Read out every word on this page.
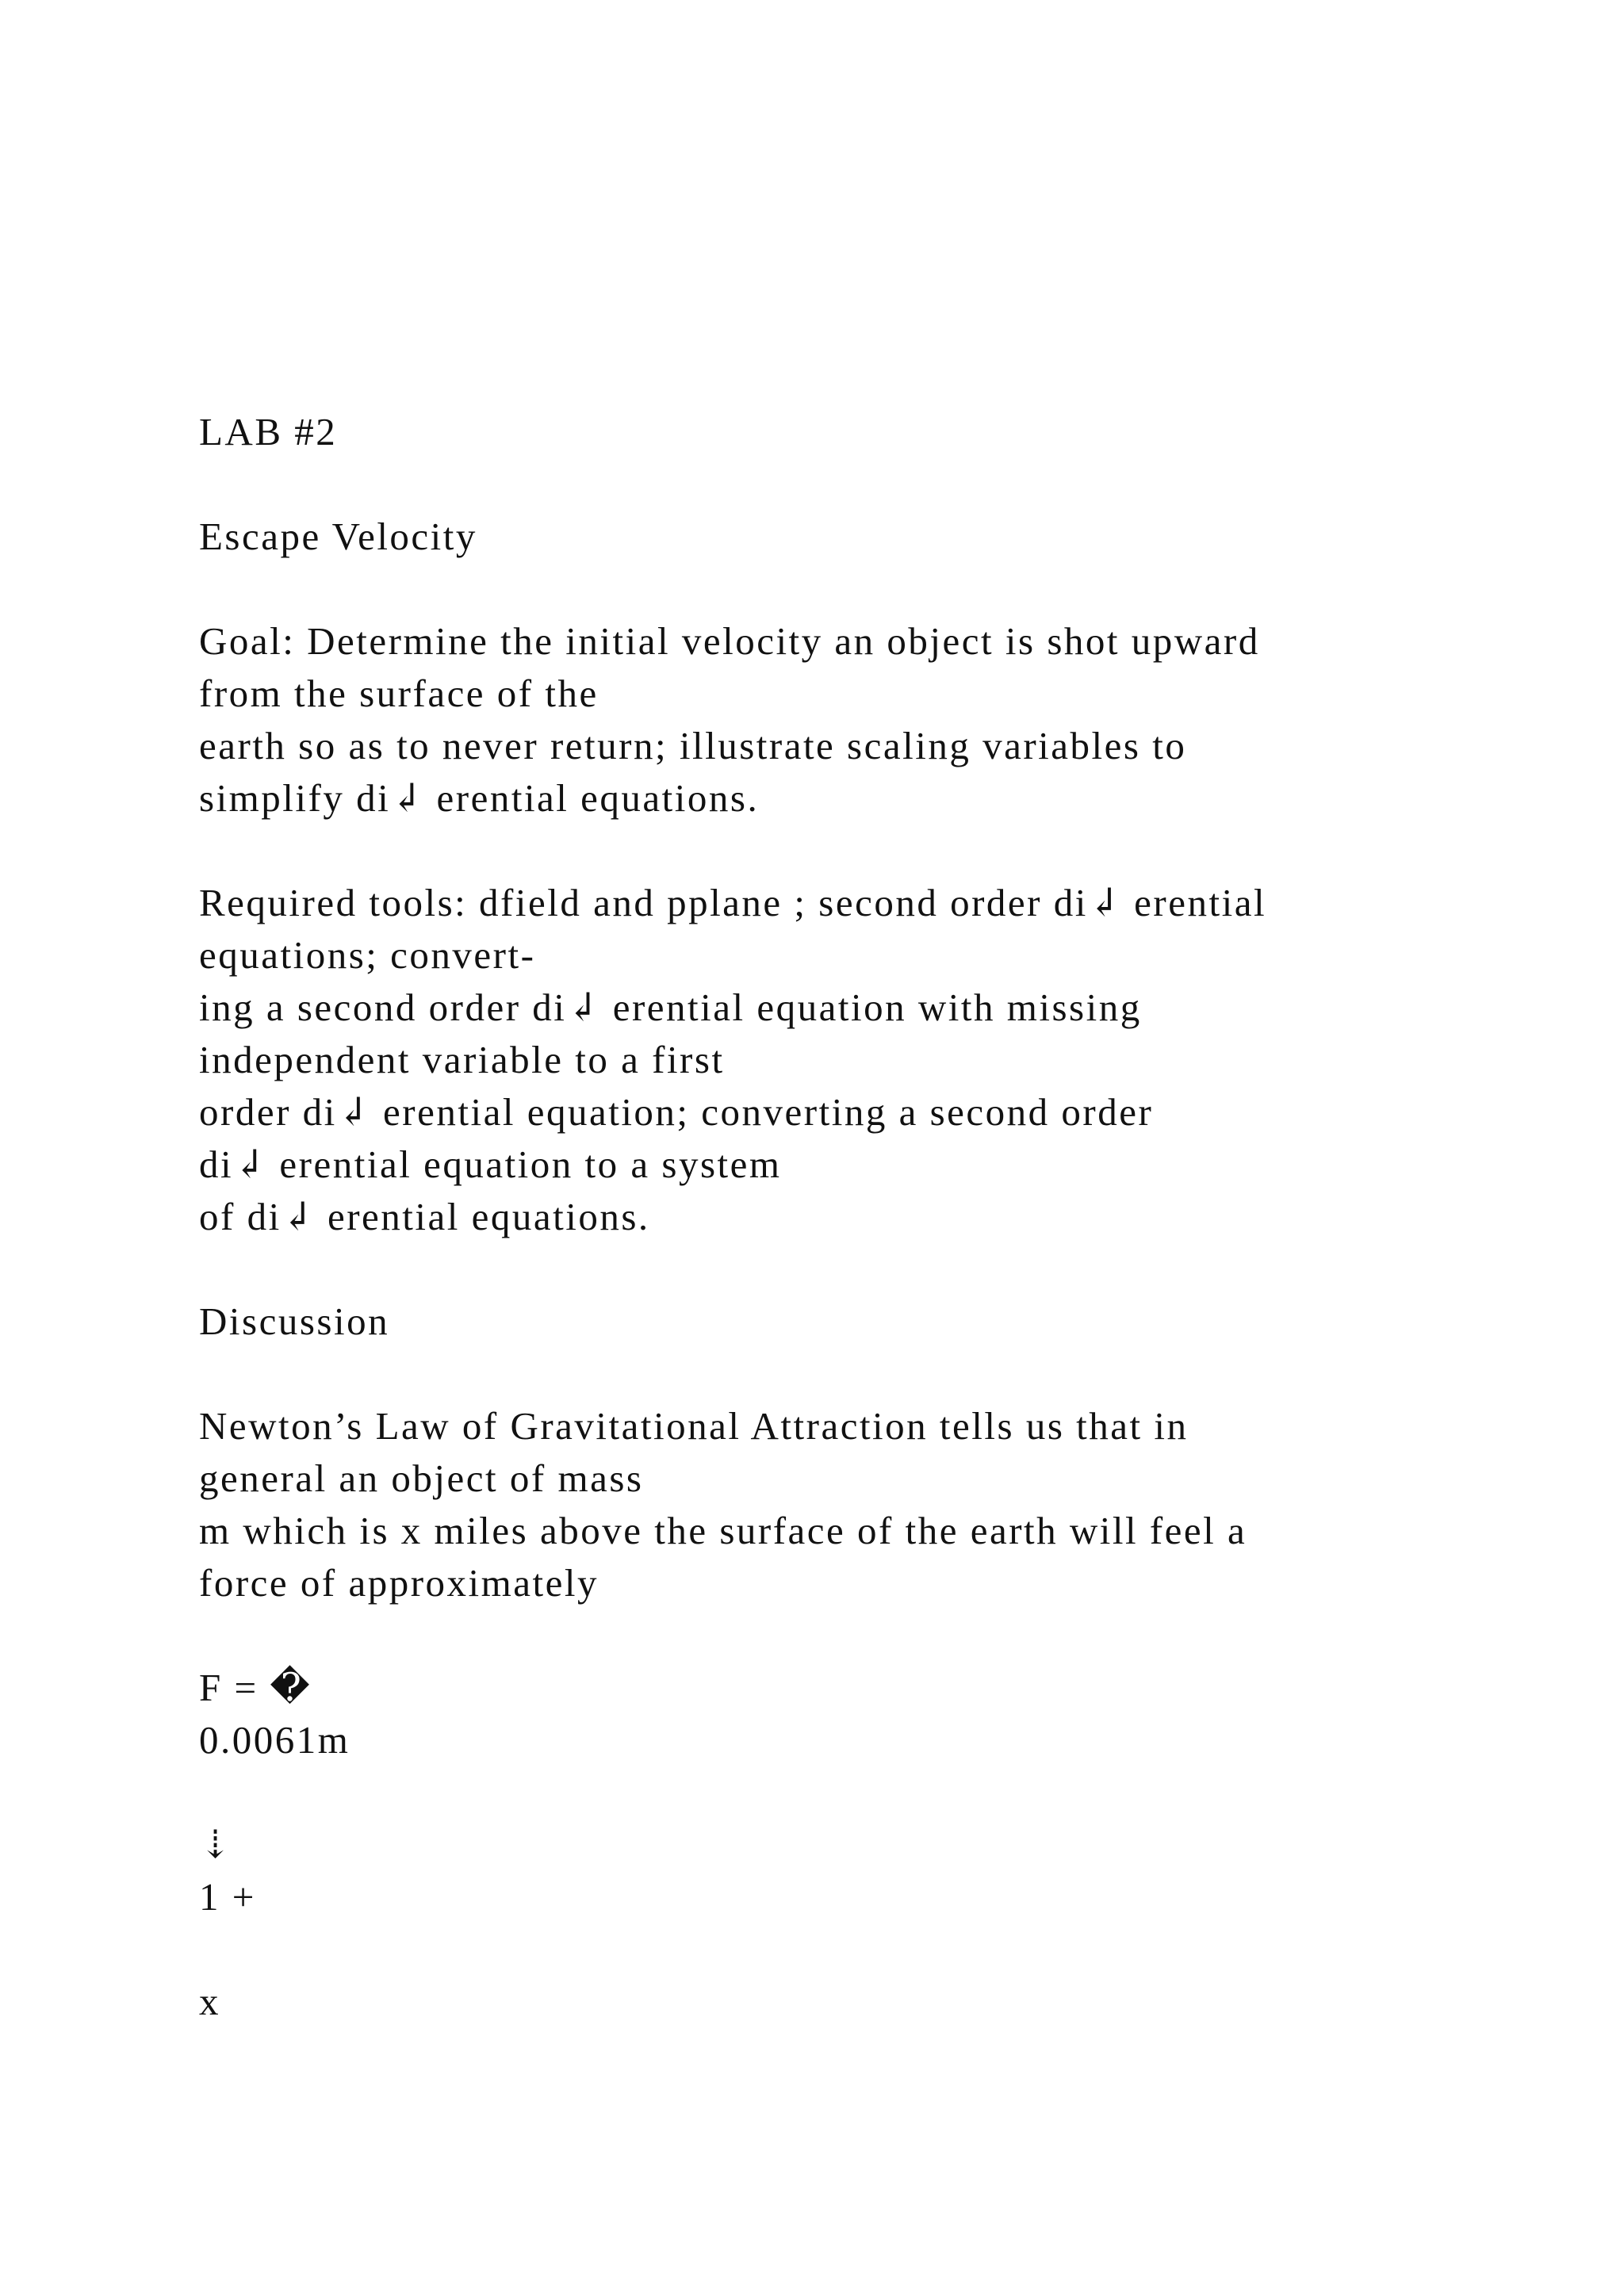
LAB #2

Escape Velocity

Goal: Determine the initial velocity an object is shot upward

from the surface of the

earth so as to never return; illustrate scaling variables to

simplify di↲ erential equations.

Required tools: dfield and pplane ; second order di↲ erential

equations; convert-

ing a second order di↲ erential equation with missing

independent variable to a first

order di↲ erential equation; converting a second order

di↲ erential equation to a system

of di↲ erential equations.

Discussion

Newton’s Law of Gravitational Attraction tells us that in

general an object of mass

m which is x miles above the surface of the earth will feel a

force of approximately

F = �

0.0061m

⇣

1 +

x
